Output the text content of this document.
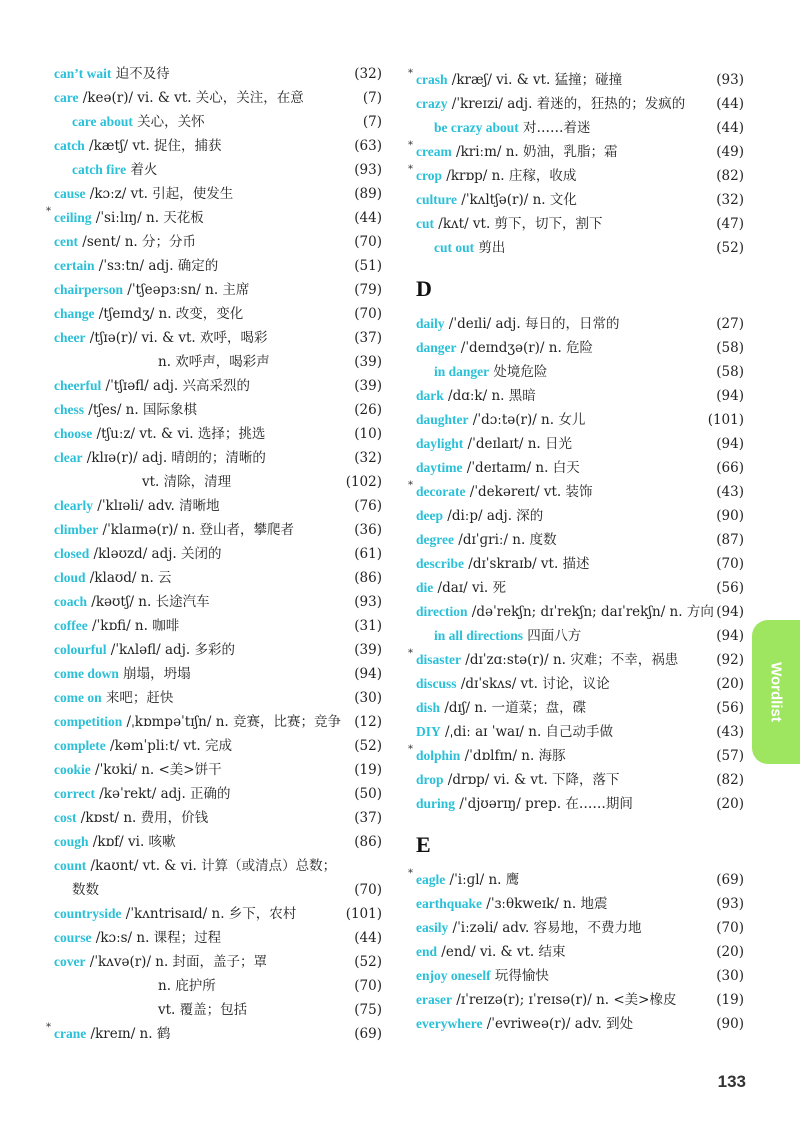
can’t wait 迫不及待	(32)
care /keə(r)/ vi. & vt. 关心，关注，在意	(7)
care about 关心，关怀	(7)
catch /kætʃ/ vt. 捉住，捕获	(63)
catch fire 着火	(93)
cause /kɔːz/ vt. 引起，使发生	(89)
* ceiling /ˈsiːlɪŋ/ n. 天花板	(44)
cent /sent/ n. 分；分币	(70)
certain /ˈsɜːtn/ adj. 确定的	(51)
chairperson /ˈtʃeəpɜːsn/ n. 主席	(79)
change /tʃeɪndʒ/ n. 改变，变化	(70)
cheer /tʃɪə(r)/ vi. & vt. 欢呼，喝彩	(37)
n. 欢呼声，喝彩声	(39)
cheerful /ˈtʃɪəfl/ adj. 兴高采烈的	(39)
chess /tʃes/ n. 国际象棋	(26)
choose /tʃuːz/ vt. & vi. 选择；挑选	(10)
clear /klɪə(r)/ adj. 晴朗的；清晰的	(32)
vt. 清除，清理	(102)
clearly /ˈklɪəli/ adv. 清晰地	(76)
climber /ˈklaɪmə(r)/ n. 登山者，攀爬者	(36)
closed /kləʊzd/ adj. 关闭的	(61)
cloud /klaʊd/ n. 云	(86)
coach /kəʊtʃ/ n. 长途汽车	(93)
coffee /ˈkɒfi/ n. 咖啡	(31)
colourful /ˈkʌləfl/ adj. 多彩的	(39)
come down 崩塌，坍塌	(94)
come on 来吧；赶快	(30)
competition /ˌkɒmpəˈtɪʃn/ n. 竞赛，比赛；竞争 (12)
complete /kəmˈpliːt/ vt. 完成	(52)
cookie /ˈkʊki/ n. <美>饼干	(19)
correct /kəˈrekt/ adj. 正确的	(50)
cost /kɒst/ n. 费用，价钱	(37)
cough /kɒf/ vi. 咳嗽	(86)
count /kaʊnt/ vt. & vi. 计算（或清点）总数；
数数	(70)
countryside /ˈkʌntrisaɪd/ n. 乡下，农村	(101)
course /kɔːs/ n. 课程；过程	(44)
cover /ˈkʌvə(r)/ n. 封面，盖子；罩	(52)
n. 庇护所	(70)
vt. 覆盖；包括	(75)
* crane /kreɪn/ n. 鹤	(69)
* crash /kræʃ/ vi. & vt. 猛撞；碰撞	(93)
crazy /ˈkreɪzi/ adj. 着迷的，狂热的；发疯的 (44)
be crazy about 对……着迷	(44)
* cream /kriːm/ n. 奶油，乳脂；霜	(49)
* crop /krɒp/ n. 庄稼，收成	(82)
culture /ˈkʌltʃə(r)/ n. 文化	(32)
cut /kʌt/ vt. 剪下，切下，割下	(47)
cut out 剪出	(52)
D
daily /ˈdeɪli/ adj. 每日的，日常的	(27)
danger /ˈdeɪndʒə(r)/ n. 危险	(58)
in danger 处境危险	(58)
dark /dɑːk/ n. 黑暗	(94)
daughter /ˈdɔːtə(r)/ n. 女儿	(101)
daylight /ˈdeɪlaɪt/ n. 日光	(94)
daytime /ˈdeɪtaɪm/ n. 白天	(66)
* decorate /ˈdekəreɪt/ vt. 装饰	(43)
deep /diːp/ adj. 深的	(90)
degree /dɪˈɡriː/ n. 度数	(87)
describe /dɪˈskraɪb/ vt. 描述	(70)
die /daɪ/ vi. 死	(56)
direction /dəˈrekʃn; dɪˈrekʃn; daɪˈrekʃn/ n. 方向 (94)
in all directions 四面八方	(94)
* disaster /dɪˈzɑːstə(r)/ n. 灾难；不幸，祸患	(92)
discuss /dɪˈskʌs/ vt. 讨论，议论	(20)
dish /dɪʃ/ n. 一道菜；盘，碟	(56)
DIY /ˌdiː aɪ ˈwaɪ/ n. 自己动手做	(43)
* dolphin /ˈdɒlfɪn/ n. 海豚	(57)
drop /drɒp/ vi. & vt. 下降，落下	(82)
during /ˈdjʊərɪŋ/ prep. 在……期间	(20)
E
* eagle /ˈiːɡl/ n. 鹰	(69)
earthquake /ˈɜːθkweɪk/ n. 地震	(93)
easily /ˈiːzəli/ adv. 容易地，不费力地	(70)
end /end/ vi. & vt. 结束	(20)
enjoy oneself 玩得愉快	(30)
eraser /ɪˈreɪzə(r); ɪˈreɪsə(r)/ n. <美>橡皮	(19)
everywhere /ˈevriweə(r)/ adv. 到处	(90)
Wordlist
133
